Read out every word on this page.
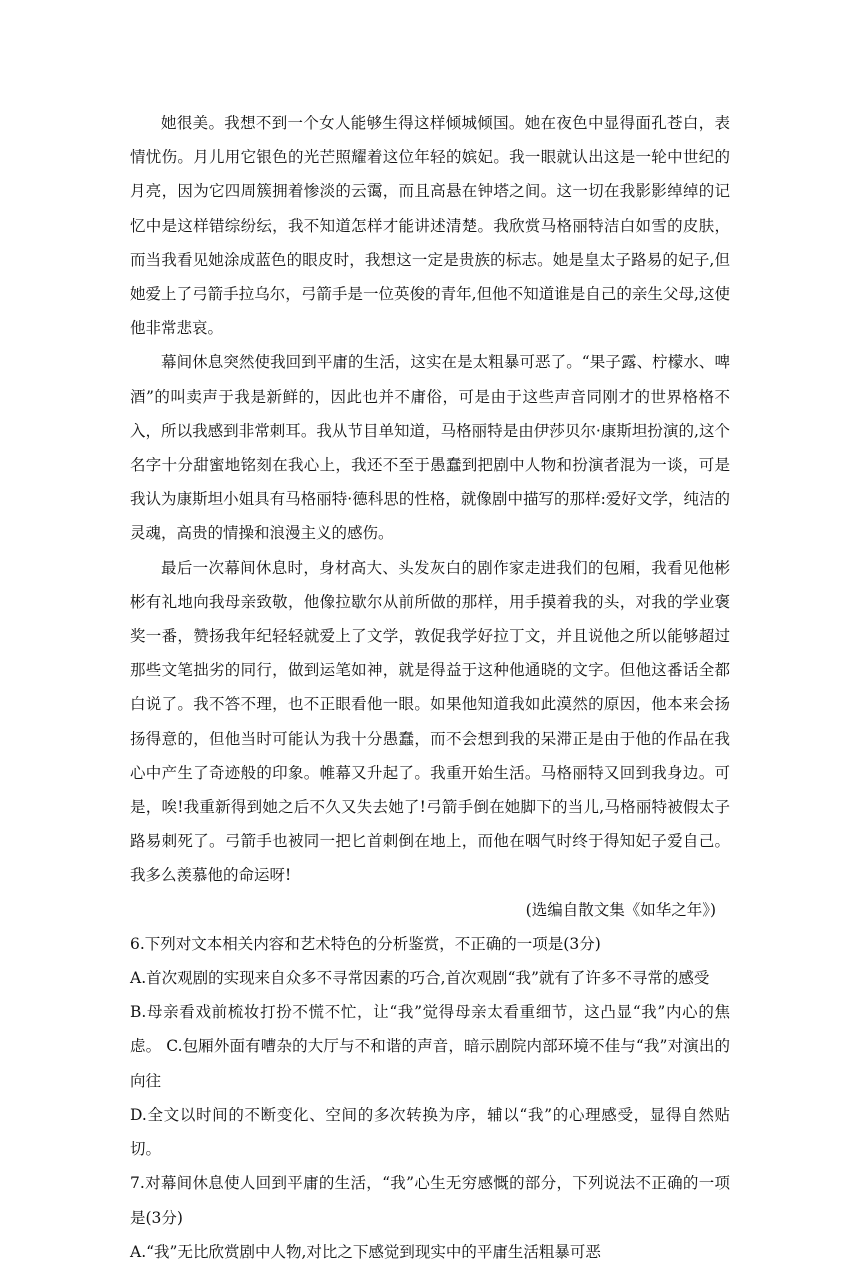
她很美。我想不到一个女人能够生得这样倾城倾国。她在夜色中显得面孔苍白，表情忧伤。月儿用它银色的光芒照耀着这位年轻的嫔妃。我一眼就认出这是一轮中世纪的月亮，因为它四周簇拥着惨淡的云霭，而且高悬在钟塔之间。这一切在我影影绰绰的记忆中是这样错综纷纭，我不知道怎样才能讲述清楚。我欣赏马格丽特洁白如雪的皮肤，而当我看见她涂成蓝色的眼皮时，我想这一定是贵族的标志。她是皇太子路易的妃子,但她爱上了弓箭手拉乌尔，弓箭手是一位英俊的青年,但他不知道谁是自己的亲生父母,这使他非常悲哀。

幕间休息突然使我回到平庸的生活，这实在是太粗暴可恶了。“果子露、柠檬水、啤酒”的叫卖声于我是新鲜的，因此也并不庸俗，可是由于这些声音同刚才的世界格格不入，所以我感到非常刺耳。我从节目单知道，马格丽特是由伊莎贝尔·康斯坦扮演的,这个名字十分甜蜜地铭刻在我心上，我还不至于愚蠢到把剧中人物和扮演者混为一谈，可是我认为康斯坦小姐具有马格丽特·德科思的性格，就像剧中描写的那样:爱好文学，纯洁的灵魂，高贵的情操和浪漫主义的感伤。

最后一次幕间休息时，身材高大、头发灰白的剧作家走进我们的包厢，我看见他彬彬有礼地向我母亲致敬，他像拉歇尔从前所做的那样，用手摸着我的头，对我的学业褒奖一番，赞扬我年纪轻轻就爱上了文学，敦促我学好拉丁文，并且说他之所以能够超过那些文笔拙劣的同行，做到运笔如神，就是得益于这种他通晓的文字。但他这番话全都白说了。我不答不理，也不正眼看他一眼。如果他知道我如此漠然的原因，他本来会扬扬得意的，但他当时可能认为我十分愚蠢，而不会想到我的呆滞正是由于他的作品在我心中产生了奇迹般的印象。帷幕又升起了。我重开始生活。马格丽特又回到我身边。可是，唉!我重新得到她之后不久又失去她了!弓箭手倒在她脚下的当儿,马格丽特被假太子路易刺死了。弓箭手也被同一把匕首刺倒在地上，而他在咽气时终于得知妃子爱自己。我多么羡慕他的命运呀!

(选编自散文集《如华之年》)

6.下列对文本相关内容和艺术特色的分析鉴赏，不正确的一项是(3分)

A.首次观剧的实现来自众多不寻常因素的巧合,首次观剧“我”就有了许多不寻常的感受

B.母亲看戏前梳妆打扮不慌不忙，让“我”觉得母亲太看重细节，这凸显“我”内心的焦虑。 C.包厢外面有嘈杂的大厅与不和谐的声音，暗示剧院内部环境不佳与“我”对演出的向往

D.全文以时间的不断变化、空间的多次转换为序，辅以“我”的心理感受，显得自然贴切。

7.对幕间休息使人回到平庸的生活，“我”心生无穷感慨的部分，下列说法不正确的一项是(3分)

A.“我”无比欣赏剧中人物,对比之下感觉到现实中的平庸生活粗暴可恶
